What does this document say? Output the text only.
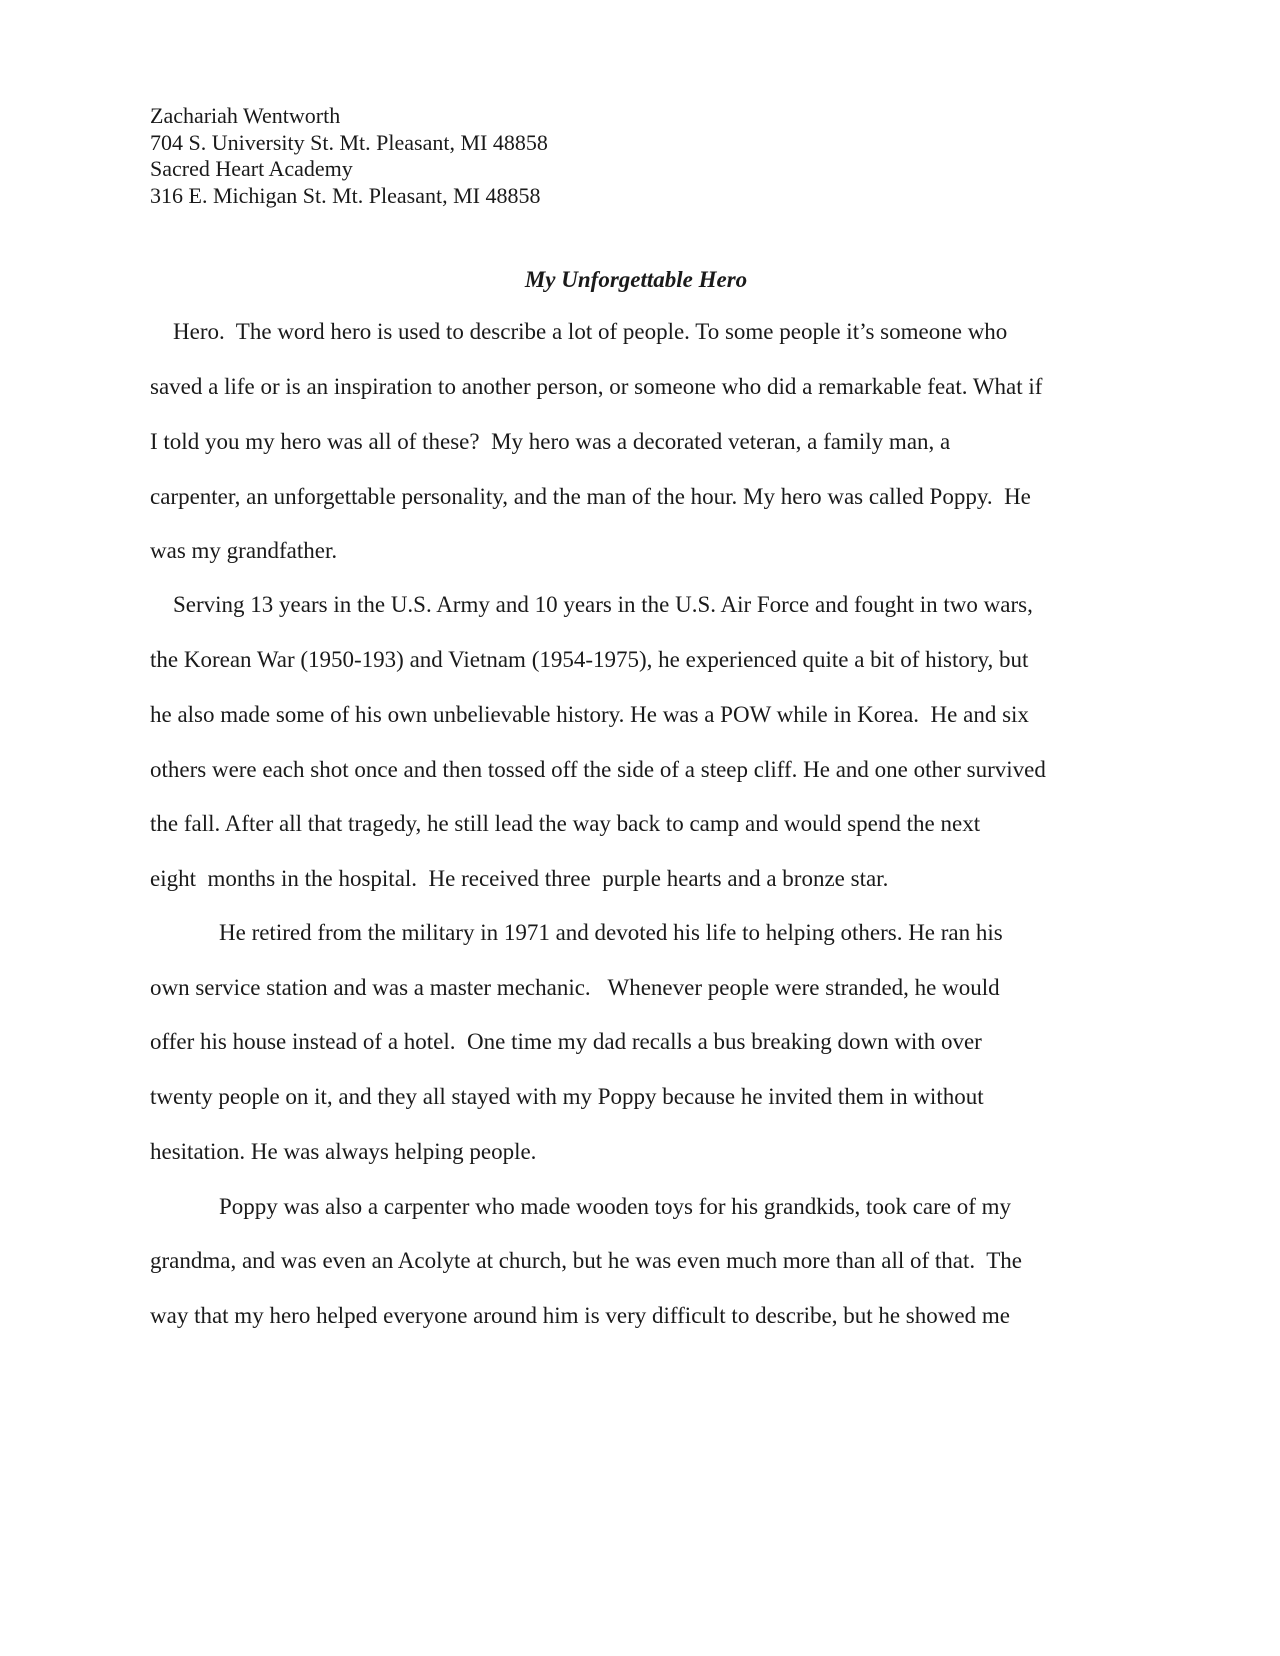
Zachariah Wentworth
704 S. University St. Mt. Pleasant, MI 48858
Sacred Heart Academy
316 E. Michigan St. Mt. Pleasant, MI 48858
My Unforgettable Hero
Hero.  The word hero is used to describe a lot of people. To some people it’s someone who
saved a life or is an inspiration to another person, or someone who did a remarkable feat. What if
I told you my hero was all of these?  My hero was a decorated veteran, a family man, a
carpenter, an unforgettable personality, and the man of the hour. My hero was called Poppy.  He
was my grandfather.
Serving 13 years in the U.S. Army and 10 years in the U.S. Air Force and fought in two wars,
the Korean War (1950-193) and Vietnam (1954-1975), he experienced quite a bit of history, but
he also made some of his own unbelievable history. He was a POW while in Korea.  He and six
others were each shot once and then tossed off the side of a steep cliff. He and one other survived
the fall. After all that tragedy, he still lead the way back to camp and would spend the next
eight  months in the hospital.  He received three  purple hearts and a bronze star.
He retired from the military in 1971 and devoted his life to helping others. He ran his
own service station and was a master mechanic.   Whenever people were stranded, he would
offer his house instead of a hotel.  One time my dad recalls a bus breaking down with over
twenty people on it, and they all stayed with my Poppy because he invited them in without
hesitation. He was always helping people.
Poppy was also a carpenter who made wooden toys for his grandkids, took care of my
grandma, and was even an Acolyte at church, but he was even much more than all of that.  The
way that my hero helped everyone around him is very difficult to describe, but he showed me
